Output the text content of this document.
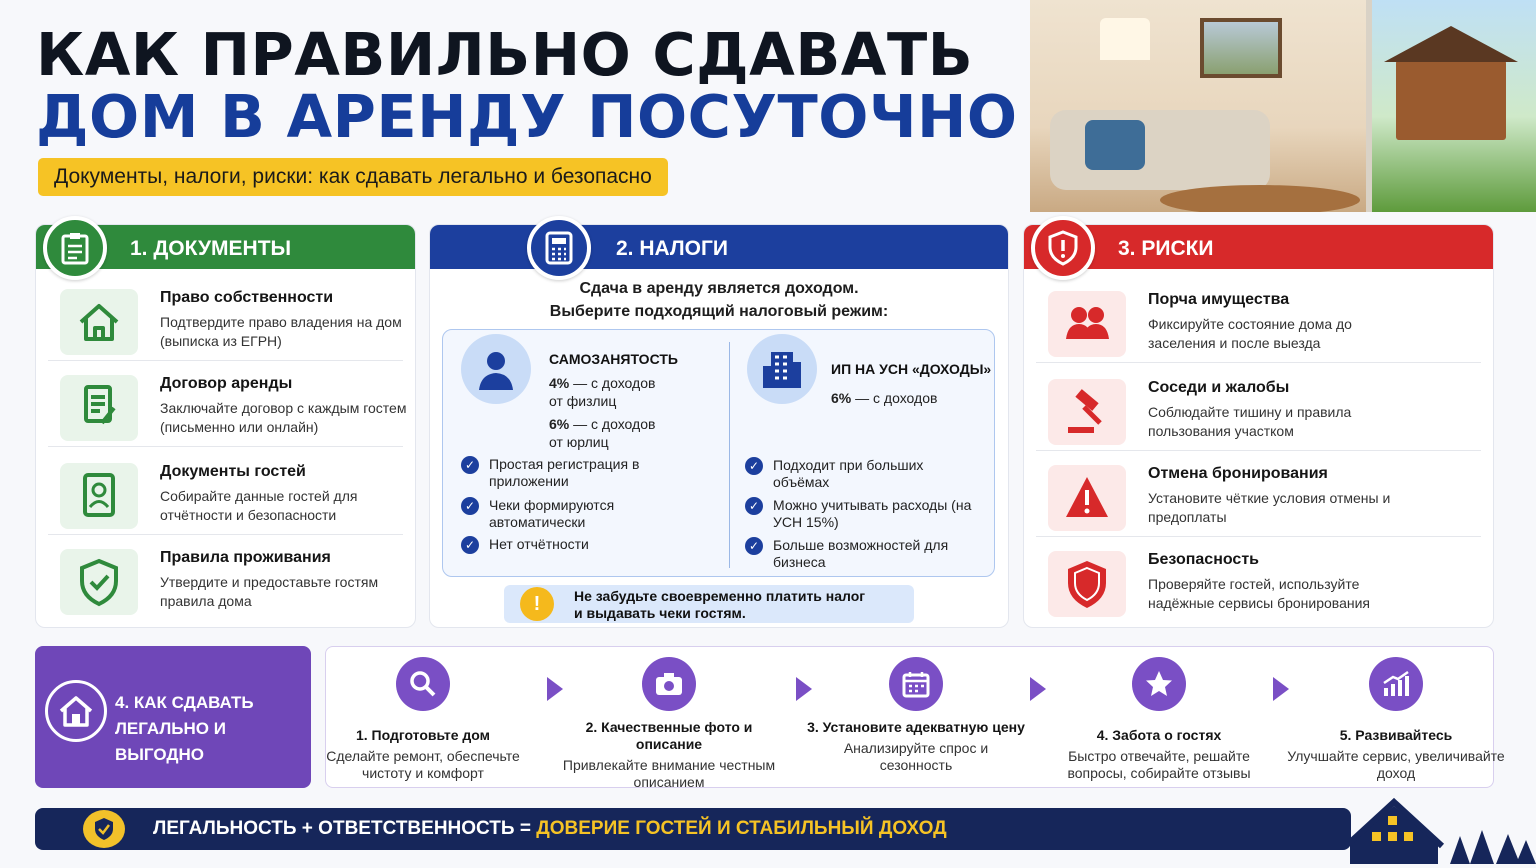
КАК ПРАВИЛЬНО СДАВАТЬ
ДОМ В АРЕНДУ ПОСУТОЧНО
Документы, налоги, риски: как сдавать легально и безопасно
1. ДОКУМЕНТЫ
Право собственности
Подтвердите право владения на дом (выписка из ЕГРН)
Договор аренды
Заключайте договор с каждым гостем (письменно или онлайн)
Документы гостей
Собирайте данные гостей для отчётности и безопасности
Правила проживания
Утвердите и предоставьте гостям правила дома
2. НАЛОГИ
Сдача в аренду является доходом.
Выберите подходящий налоговый режим:
САМОЗАНЯТОСТЬ
4% — с доходов
от физлиц
6% — с доходов
от юрлиц
✓ Простая регистрация в приложении
✓ Чеки формируются автоматически
✓ Нет отчётности
ИП НА УСН «ДОХОДЫ»
6% — с доходов
✓ Подходит при больших объёмах
✓ Можно учитывать расходы (на УСН 15%)
✓ Больше возможностей для бизнеса
!	Не забудьте своевременно платить налог
и выдавать чеки гостям.
3. РИСКИ
Порча имущества
Фиксируйте состояние дома до заселения и после выезда
Соседи и жалобы
Соблюдайте тишину и правила пользования участком
Отмена бронирования
Установите чёткие условия отмены и предоплаты
Безопасность
Проверяйте гостей, используйте надёжные сервисы бронирования
4. КАК СДАВАТЬ
ЛЕГАЛЬНО И ВЫГОДНО
1. Подготовьте дом
Сделайте ремонт, обеспечьте чистоту и комфорт
2. Качественные фото и описание
Привлекайте внимание честным описанием
3. Установите адекватную цену
Анализируйте спрос и сезонность
4. Забота о гостях
Быстро отвечайте, решайте вопросы, собирайте отзывы
5. Развивайтесь
Улучшайте сервис, увеличивайте доход
ЛЕГАЛЬНОСТЬ + ОТВЕТСТВЕННОСТЬ = ДОВЕРИЕ ГОСТЕЙ И СТАБИЛЬНЫЙ ДОХОД
